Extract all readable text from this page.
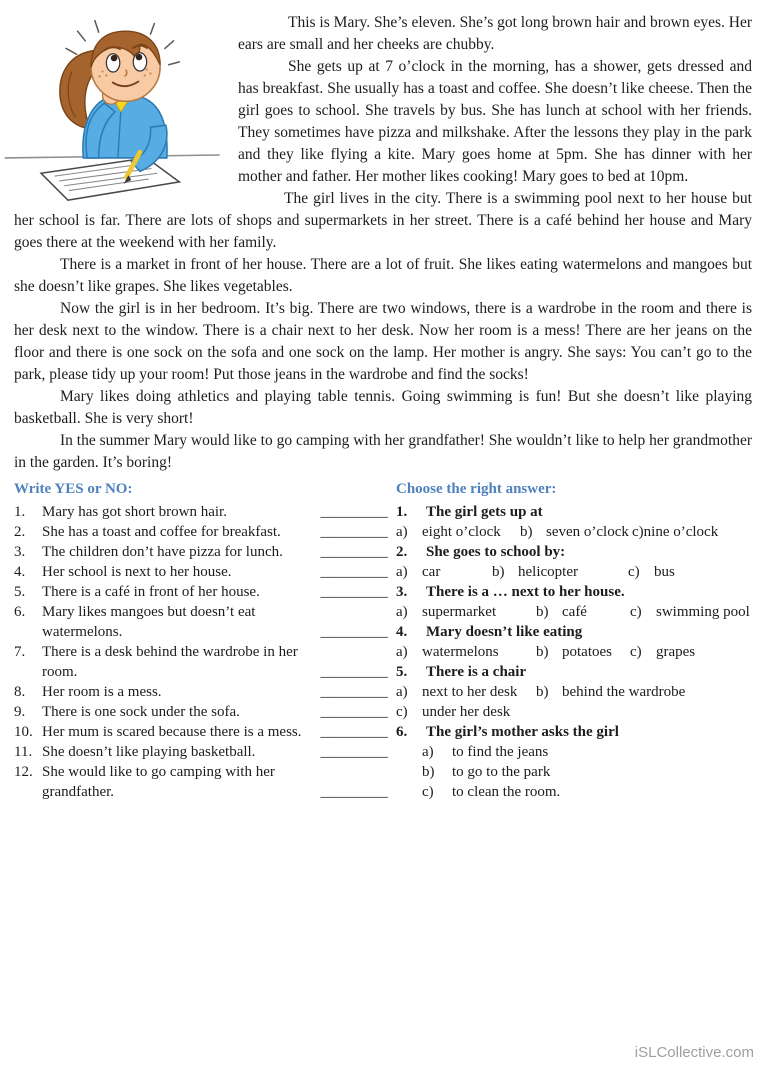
This is Mary. She’s eleven. She’s got long brown hair and brown eyes. Her ears are small and her cheeks are chubby.

She gets up at 7 o’clock in the morning, has a shower, gets dressed and has breakfast. She usually has a toast and coffee. She doesn’t like cheese. Then the girl goes to school. She travels by bus. She has lunch at school with her friends. They sometimes have pizza and milkshake. After the lessons they play in the park and they like flying a kite. Mary goes home at 5pm. She has dinner with her mother and father. Her mother likes cooking! Mary goes to bed at 10pm.

The girl lives in the city. There is a swimming pool next to her house but her school is far. There are lots of shops and supermarkets in her street. There is a café behind her house and Mary goes there at the weekend with her family.

There is a market in front of her house. There are a lot of fruit. She likes eating watermelons and mangoes but she doesn’t like grapes. She likes vegetables.

Now the girl is in her bedroom. It’s big. There are two windows, there is a wardrobe in the room and there is her desk next to the window. There is a chair next to her desk. Now her room is a mess! There are her jeans on the floor and there is one sock on the sofa and one sock on the lamp. Her mother is angry. She says: You can’t go to the park, please tidy up your room! Put those jeans in the wardrobe and find the socks!

Mary likes doing athletics and playing table tennis. Going swimming is fun! But she doesn’t like playing basketball. She is very short!

In the summer Mary would like to go camping with her grandfather! She wouldn’t like to help her grandmother in the garden. It’s boring!

Write YES or NO:

1.	Mary has got short brown hair.	_________
2.	She has a toast and coffee for breakfast.	_________
3.	The children don’t have pizza for lunch.	_________
4.	Her school is next to her house.	_________
5.	There is a café in front of her house.	_________
6.	Mary likes mangoes but doesn’t eat watermelons.	_________
7.	There is a desk behind the wardrobe in her room.	_________
8.	Her room is a mess.	_________
9.	There is one sock under the sofa.	_________
10. Her mum is scared because there is a mess.	_________
11. She doesn’t like playing basketball.	_________
12. She would like to go camping with her grandfather.	_________

Choose the right answer:

1.	The girl gets up at
a) eight o’clock b) seven o’clock c) nine o’clock
2.	She goes to school by:
a) car	b) helicopter	c) bus
3.	There is a … next to her house.
a) supermarket	b) café	c) swimming pool
4.	Mary doesn’t like eating
a) watermelons b) potatoes c) grapes
5.	There is a chair
a) next to her desk b) behind the wardrobe
c) under her desk
6.	The girl’s mother asks the girl
a)	to find the jeans
b)	to go to the park
c)	to clean the room.
iSLCollective.com
